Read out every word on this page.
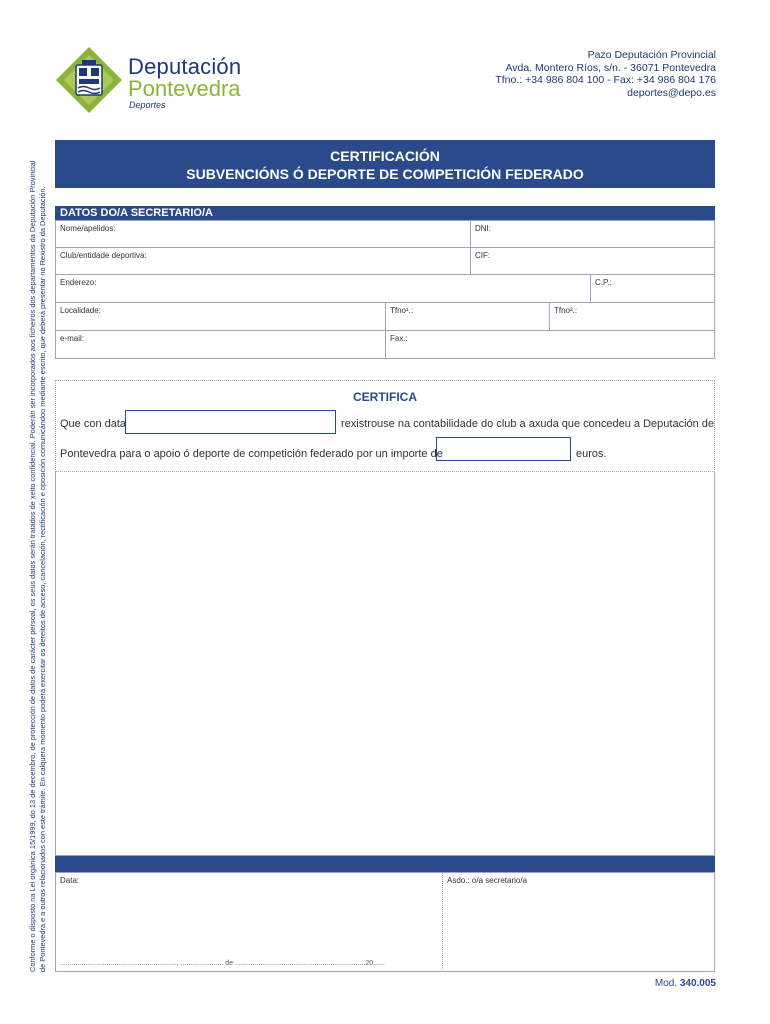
Deputación
Pontevedra
Deportes
Pazo Deputación Provincial
Avda. Montero Ríos, s/n. - 36071 Pontevedra
Tfno.: +34 986 804 100 - Fax: +34 986 804 176
deportes@depo.es
Conforme o disposto na Lei orgánica 15/1999, do 13 de decembro, de protección de datos de carácter persoal, os seus datos serán tratados de xeito confidencial. Poderán ser incorporados aos ficheiros dos departamentos da Deputación Provincial de Pontevedra e a outros relacionados con este trámite. En calquera momento poderá exercitar os dereitos de acceso, cancelación, rectificación e oposición comunicándoo mediante escrito, que deberá presentar no Rexistro da Deputación.
CERTIFICACIÓN
SUBVENCIÓNS Ó DEPORTE DE COMPETICIÓN FEDERADO
DATOS DO/A SECRETARIO/A
Nome/apelidos:	DNI:
Club/entidade deportiva:	CIF:
Enderezo:	C.P.:
Localidade:	Tfno¹.:	Tfno².:
e-mail:	Fax.:
CERTIFICA
Que con data	rexistrouse na contabilidade do club a axuda que concedeu a Deputación de
Pontevedra para o apoio ó deporte de competición federado por un importe de	euros.
Data:	Asdo.: o/a secretario/a
............................................................, ...................... de ...................................................................20......
Mod. 340.005
